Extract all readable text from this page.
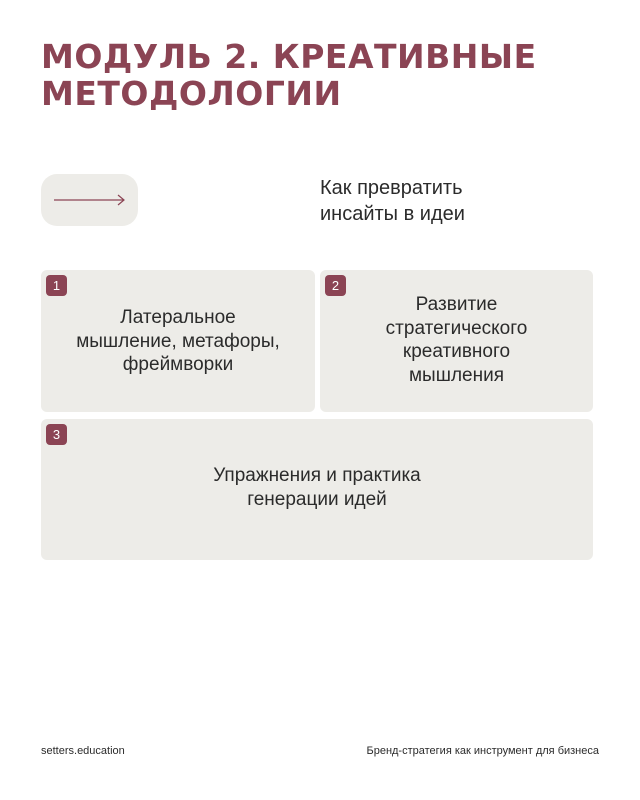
МОДУЛЬ 2. КРЕАТИВНЫЕ
МЕТОДОЛОГИИ
Как превратить
инсайты в идеи
1
Латеральное
мышление, метафоры,
фреймворки
2
Развитие
стратегического
креативного
мышления
3
Упражнения и практика
генерации идей
setters.education	Бренд-стратегия как инструмент для бизнеса
